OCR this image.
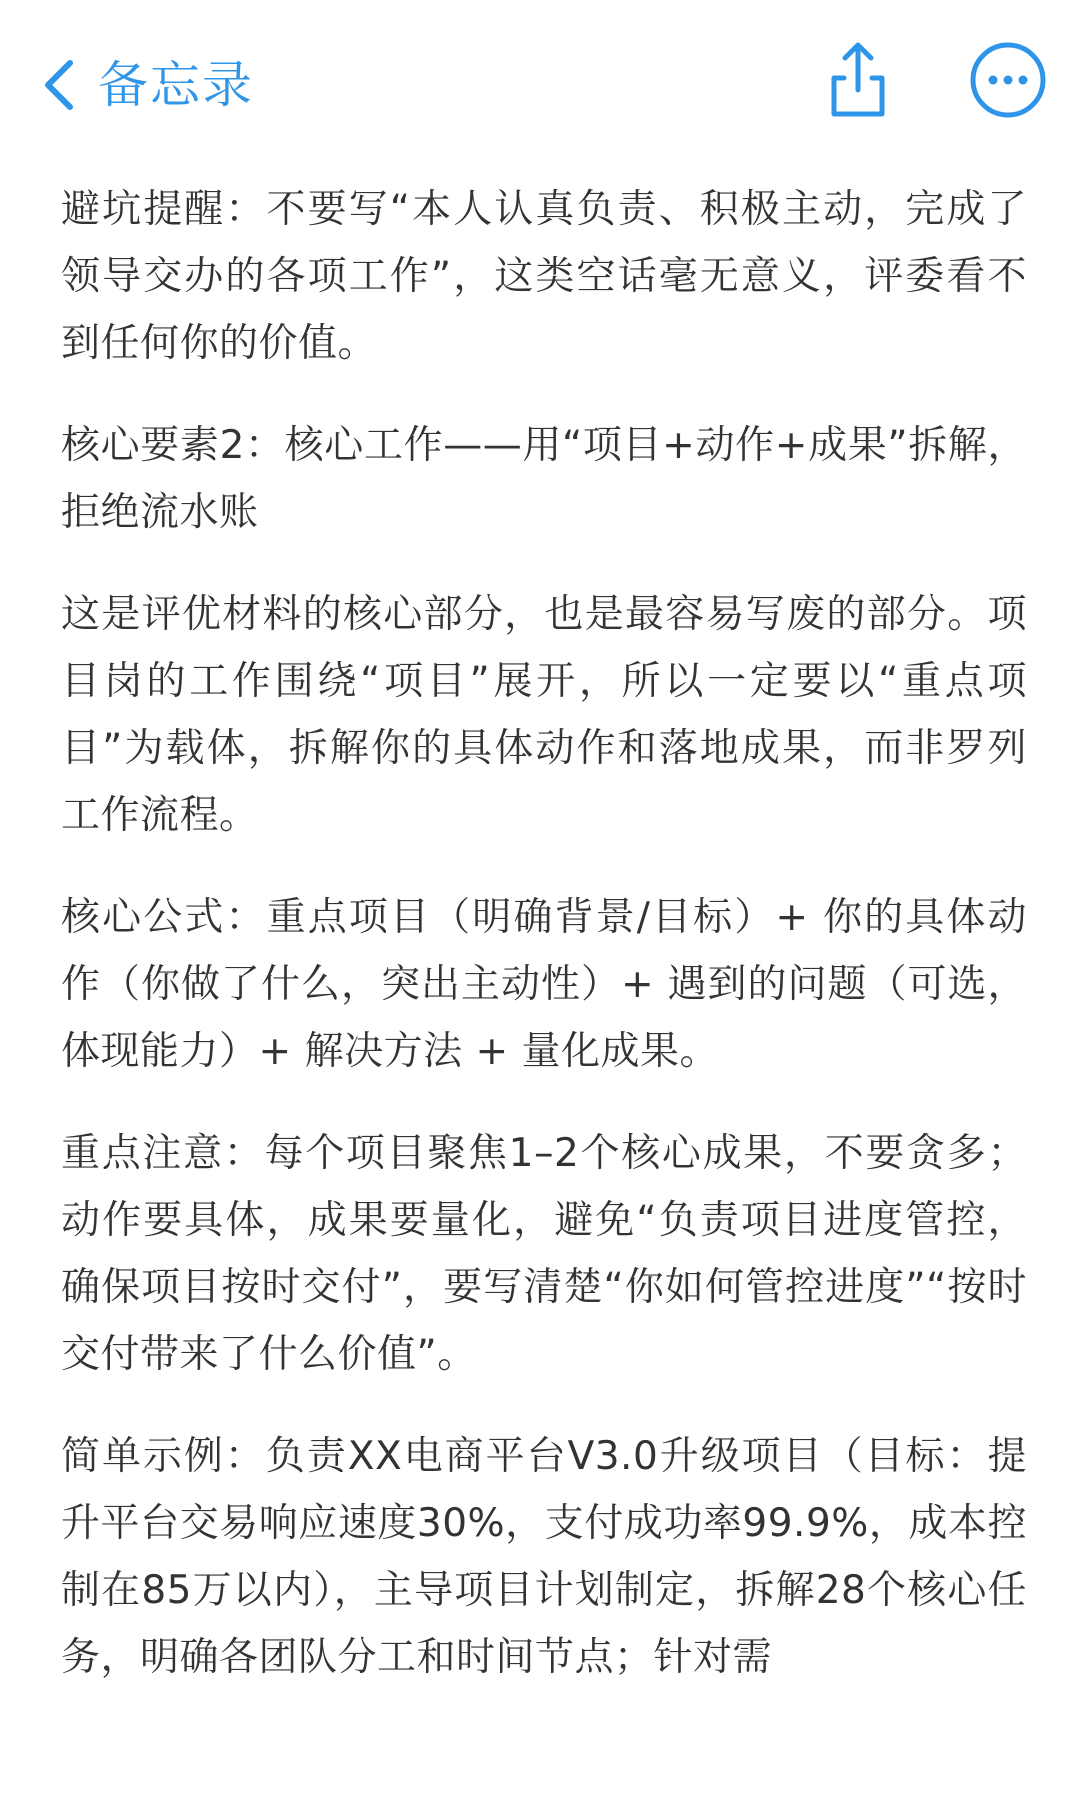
备忘录

避坑提醒：不要写“本人认真负责、积极主动，完成了领导交办的各项工作”，这类空话毫无意义，评委看不到任何你的价值。

核心要素2：核心工作——用“项目+动作+成果”拆解，拒绝流水账

这是评优材料的核心部分，也是最容易写废的部分。项目岗的工作围绕“项目”展开，所以一定要以“重点项目”为载体，拆解你的具体动作和落地成果，而非罗列工作流程。

核心公式：重点项目（明确背景/目标）+ 你的具体动作（你做了什么，突出主动性）+ 遇到的问题（可选，体现能力）+ 解决方法 + 量化成果。

重点注意：每个项目聚焦1–2个核心成果，不要贪多；动作要具体，成果要量化，避免“负责项目进度管控，确保项目按时交付”，要写清楚“你如何管控进度”“按时交付带来了什么价值”。

简单示例：负责XX电商平台V3.0升级项目（目标：提升平台交易响应速度30%，支付成功率99.9%，成本控制在85万以内），主导项目计划制定，拆解28个核心任务，明确各团队分工和时间节点；针对需
